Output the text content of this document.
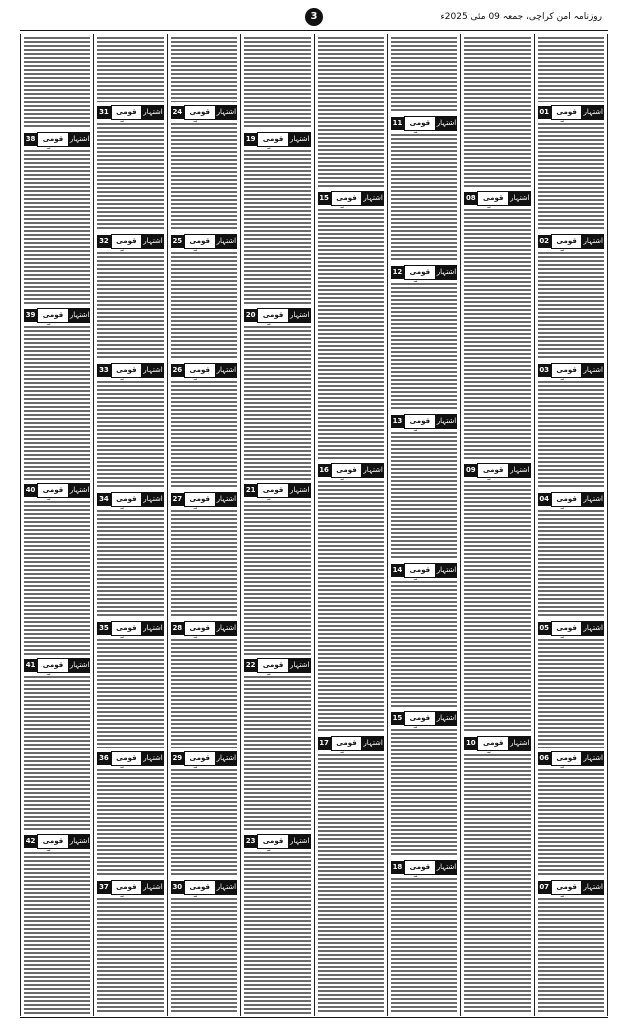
روزنامہ امن کراچی، جمعہ 09 مئی 2025ء
3
اشتہار
قومی
01
اشتہار
قومی
02
اشتہار
قومی
03
اشتہار
قومی
04
اشتہار
قومی
05
اشتہار
قومی
06
اشتہار
قومی
07
اشتہار
قومی
08
اشتہار
قومی
09
اشتہار
قومی
10
اشتہار
قومی
11
اشتہار
قومی
12
اشتہار
قومی
13
اشتہار
قومی
14
اشتہار
قومی
15
اشتہار
قومی
18
اشتہار
قومی
15
اشتہار
قومی
16
اشتہار
قومی
17
اشتہار
قومی
19
اشتہار
قومی
20
اشتہار
قومی
21
اشتہار
قومی
22
اشتہار
قومی
23
اشتہار
قومی
24
اشتہار
قومی
25
اشتہار
قومی
26
اشتہار
قومی
27
اشتہار
قومی
28
اشتہار
قومی
29
اشتہار
قومی
30
اشتہار
قومی
31
اشتہار
قومی
32
اشتہار
قومی
33
اشتہار
قومی
34
اشتہار
قومی
35
اشتہار
قومی
36
اشتہار
قومی
37
اشتہار
قومی
38
اشتہار
قومی
39
اشتہار
قومی
40
اشتہار
قومی
41
اشتہار
قومی
42
